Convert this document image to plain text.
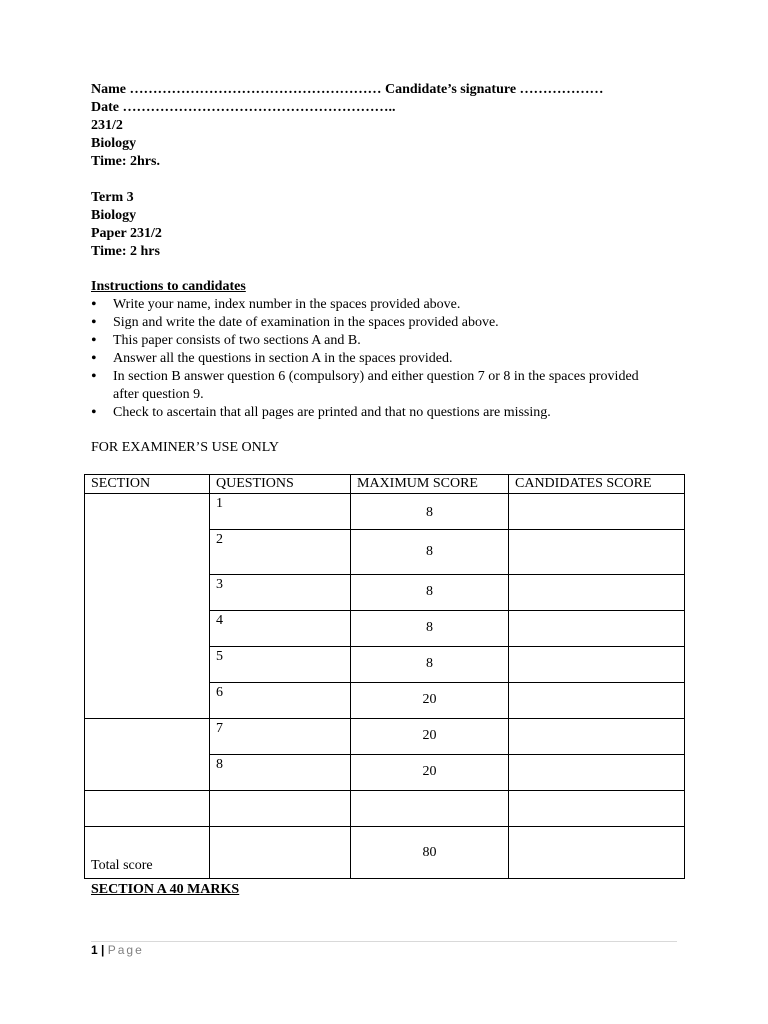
Name ……………………………………………… Candidate’s signature ………………
Date …………………………………………………..
231/2
Biology
Time: 2hrs.
Term 3
Biology
Paper 231/2
Time: 2 hrs
Instructions to candidates
• Write your name, index number in the spaces provided above.
• Sign and write the date of examination in the spaces provided above.
• This paper consists of two sections A and B.
• Answer all the questions in section A in the spaces provided.
• In section B answer question 6 (compulsory) and either question 7 or 8 in the spaces provided after question 9.
• Check to ascertain that all pages are printed and that no questions are missing.
FOR EXAMINER’S USE ONLY
SECTION	QUESTIONS	MAXIMUM SCORE	CANDIDATES SCORE

	1	8	

	2	8	

	3	8	

	4	8	

	5	8	

	6	20	

	7	20	

	8	20	

Total score		80	

SECTION A 40 MARKS
1 | Page
